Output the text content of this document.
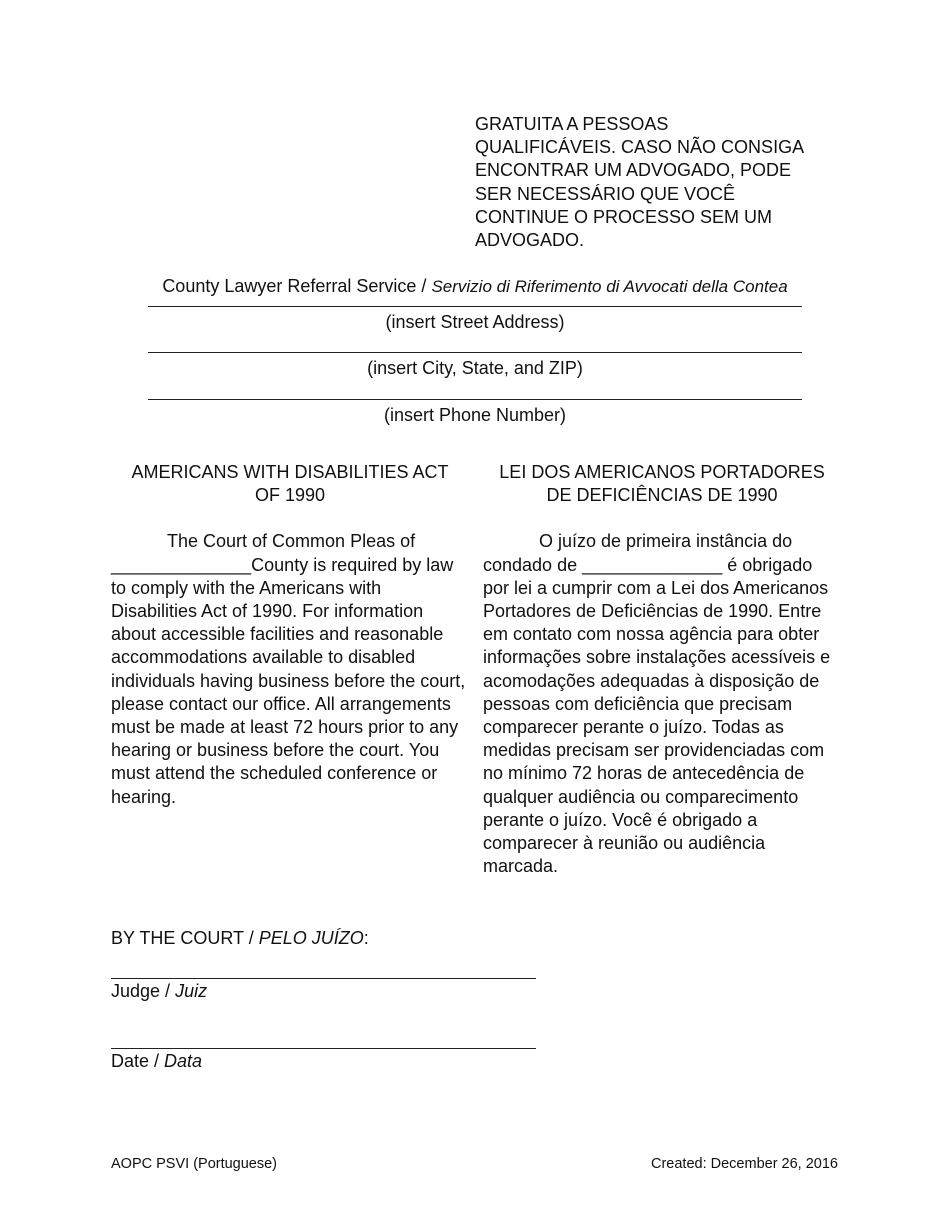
GRATUITA A PESSOAS
QUALIFICÁVEIS. CASO NÃO CONSIGA
ENCONTRAR UM ADVOGADO, PODE
SER NECESSÁRIO QUE VOCÊ
CONTINUE O PROCESSO SEM UM
ADVOGADO.
County Lawyer Referral Service / Servizio di Riferimento di Avvocati della Contea
(insert Street Address)
(insert City, State, and ZIP)
(insert Phone Number)
AMERICANS WITH DISABILITIES ACT
OF 1990
The Court of Common Pleas of
______________County is required by law
to comply with the Americans with Disabilities Act of 1990. For information about accessible facilities and reasonable accommodations available to disabled individuals having business before the court, please contact our office. All arrangements must be made at least 72 hours prior to any hearing or business before the court. You must attend the scheduled conference or hearing.
LEI DOS AMERICANOS PORTADORES
DE DEFICIÊNCIAS DE 1990
O juízo de primeira instância do
condado de ______________ é obrigado
por lei a cumprir com a Lei dos Americanos Portadores de Deficiências de 1990. Entre em contato com nossa agência para obter informações sobre instalações acessíveis e acomodações adequadas à disposição de pessoas com deficiência que precisam comparecer perante o juízo. Todas as medidas precisam ser providenciadas com no mínimo 72 horas de antecedência de qualquer audiência ou comparecimento perante o juízo. Você é obrigado a comparecer à reunião ou audiência marcada.
BY THE COURT / PELO JUÍZO:
Judge / Juiz
Date / Data
AOPC PSVI (Portuguese)	Created: December 26, 2016
